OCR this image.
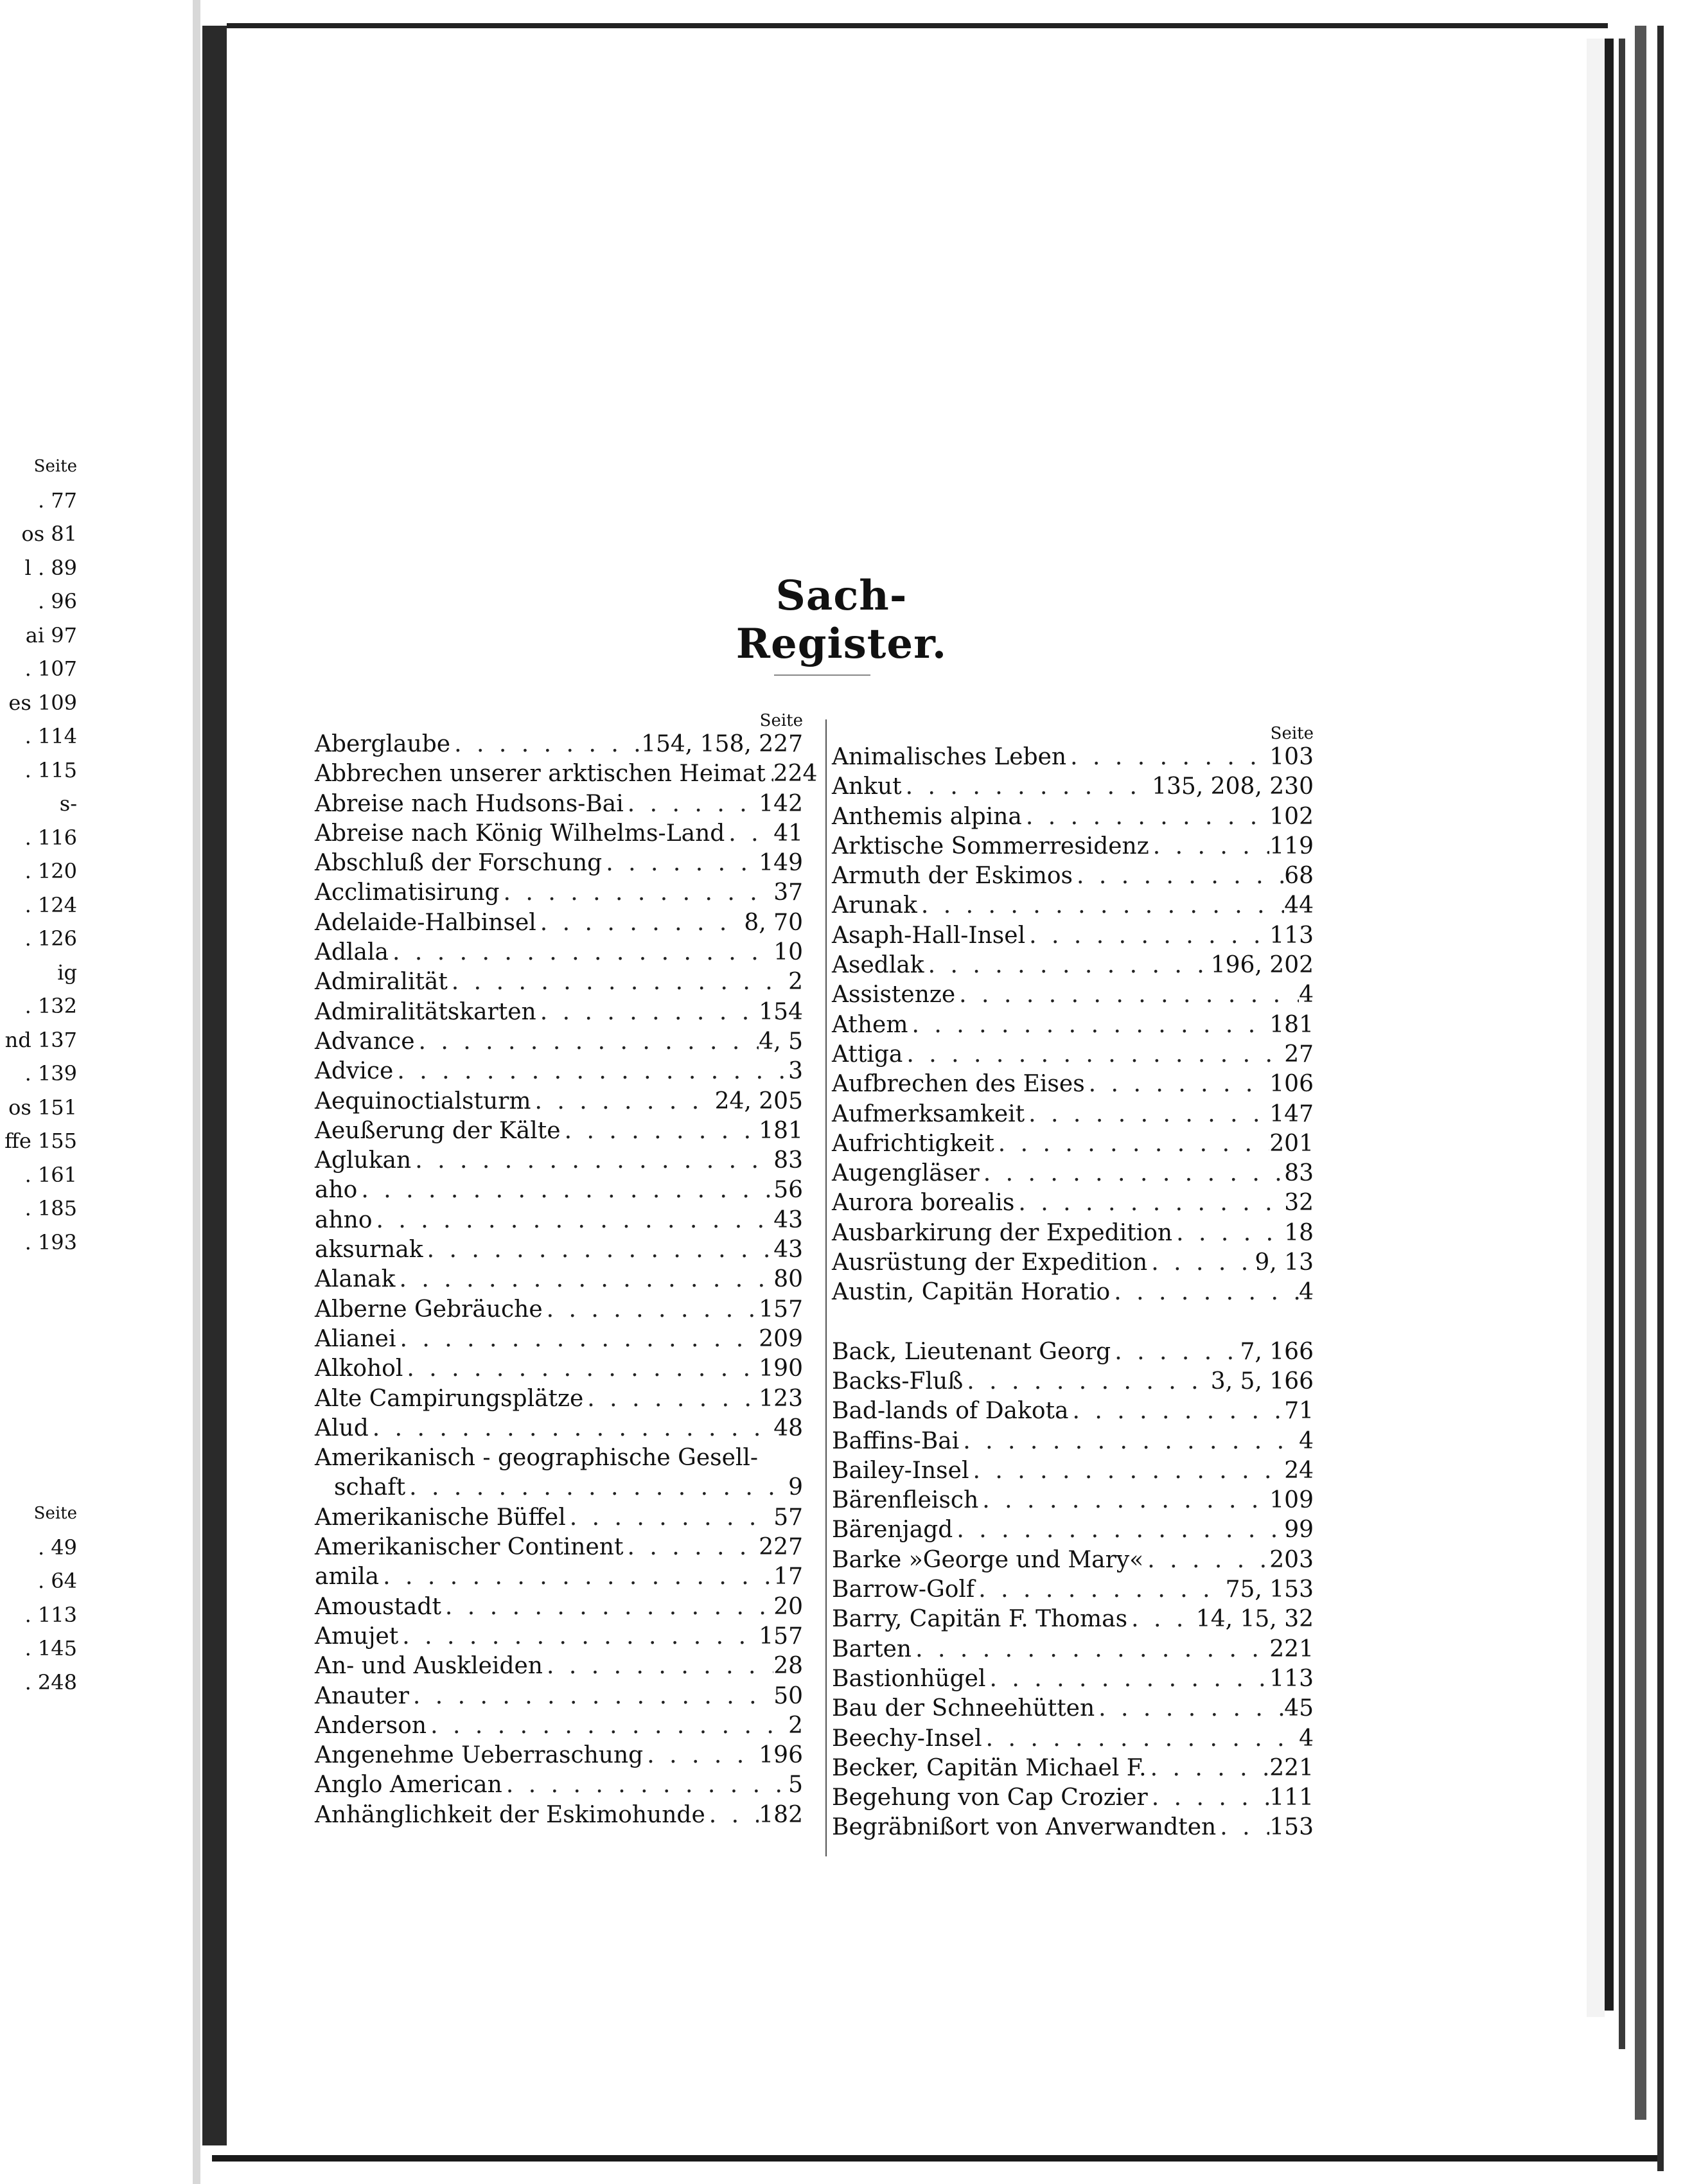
Seite
. 77
os 81
l . 89
. 96
ai 97
. 107
es 109
. 114
. 115
s-
. 116
. 120
. 124
. 126
ig
. 132
nd 137
. 139
os 151
ffe 155
. 161
. 185
. 193
Seite
. 49
. 64
. 113
. 145
. 248
Sach-Register.
Seite
Aberglaube . . .	154, 158, 227
Abbrechen unserer arktischen Heimat . . . 224
Abreise nach Hudsons-Bai . . .	142
Abreise nach König Wilhelms-Land . . . 41
Abschluß der Forschung . . .	149
Acclimatisirung . . .	37
Adelaide-Halbinsel . . .	8, 70
Adlala . . .	10
Admiralität . . .	2
Admiralitätskarten . . .	154
Advance . . .	4, 5
Advice . . .	3
Aequinoctialsturm . . .	24, 205
Aeußerung der Kälte . . .	181
Aglukan . . .	83
aho . . .	56
ahno . . .	43
aksurnak . . .	43
Alanak . . .	80
Alberne Gebräuche . . .	157
Alianei . . .	209
Alkohol . . .	190
Alte Campirungsplätze . . .	123
Alud . . .	48
Amerikanisch - geographische Gesell-
schaft . . .	9
Amerikanische Büffel . . .	57
Amerikanischer Continent . . .	227
amila . . .	17
Amoustadt . . .	20
Amujet . . .	157
An- und Auskleiden . . .	28
Anauter . . .	50
Anderson . . .	2
Angenehme Ueberraschung . . .	196
Anglo American . . .	5
Anhänglichkeit der Eskimohunde . . . 182
Seite
Animalisches Leben . . .	103
Ankut . . .	135, 208, 230
Anthemis alpina . . .	102
Arktische Sommerresidenz . . .	119
Armuth der Eskimos . . .	68
Arunak . . .	44
Asaph-Hall-Insel . . .	113
Asedlak . . .	196, 202
Assistenze . . .	4
Athem . . .	181
Attiga . . .	27
Aufbrechen des Eises . . .	106
Aufmerksamkeit . . .	147
Aufrichtigkeit . . .	201
Augengläser . . .	83
Aurora borealis . . .	32
Ausbarkirung der Expedition . . .	18
Ausrüstung der Expedition . . .	9, 13
Austin, Capitän Horatio . . .	4
Back, Lieutenant Georg . . .	7, 166
Backs-Fluß . . .	3, 5, 166
Bad-lands of Dakota . . .	71
Baffins-Bai . . .	4
Bailey-Insel . . .	24
Bärenfleisch . . .	109
Bärenjagd . . .	99
Barke »George und Mary« . . .	203
Barrow-Golf . . .	75, 153
Barry, Capitän F. Thomas . . .	14, 15, 32
Barten . . .	221
Bastionhügel . . .	113
Bau der Schneehütten . . .	45
Beechy-Insel . . .	4
Becker, Capitän Michael F. . . .	221
Begehung von Cap Crozier . . .	111
Begräbnißort von Anverwandten . . . 153
